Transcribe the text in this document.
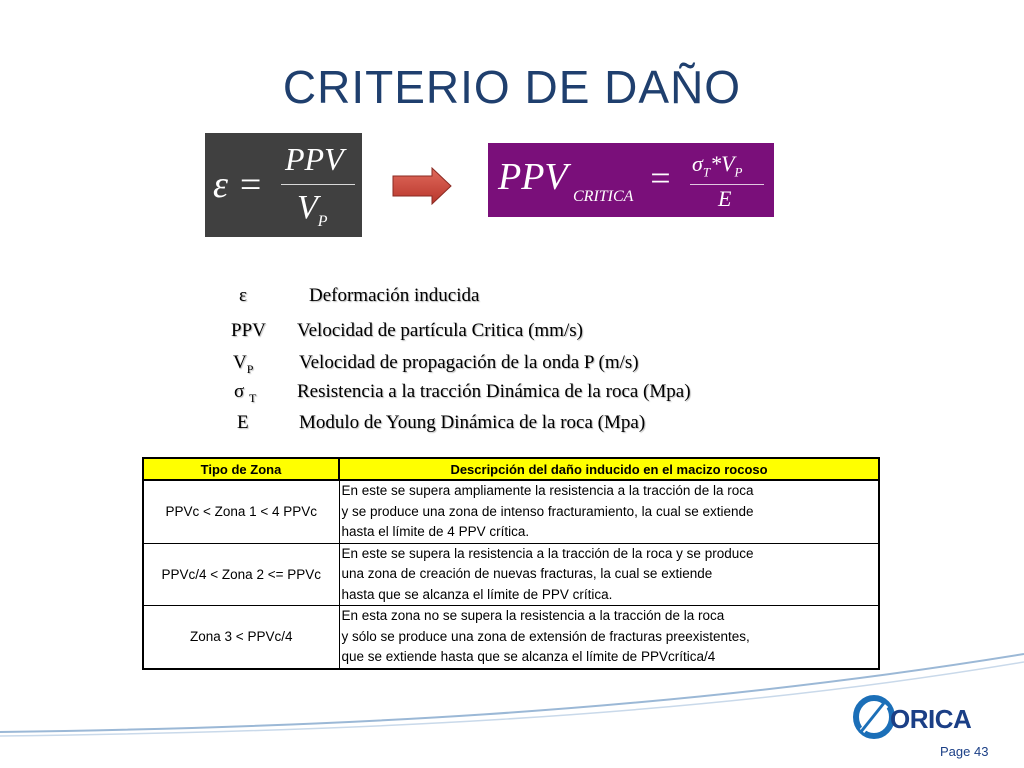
CRITERIO DE DAÑO
ε =
PPV
$V_P$
PPV CRITICA = $\sigma_T*V_P$
E
ε	Deformación inducida
PPV Velocidad de partícula Critica (mm/s)
$V_P$ Velocidad de propagación de la onda P (m/s)
σ $_T$ Resistencia a la tracción Dinámica de la roca (Mpa)
E	Modulo de Young Dinámica de la roca (Mpa)
Tipo de Zona	Descripción del daño inducido en el macizo rocoso
PPVc < Zona 1 < 4 PPVc	En este se supera ampliamente la resistencia a la tracción de la roca
y se produce una zona de intenso fracturamiento, la cual se extiende
hasta el límite de 4 PPV crítica.

PPVc/4 < Zona 2 <= PPVc	En este se supera la resistencia a la tracción de la roca y se produce
una zona de creación de nuevas fracturas, la cual se extiende
hasta que se alcanza el límite de PPV crítica.

Zona 3 < PPVc/4	En esta zona no se supera la resistencia a la tracción de la roca
y sólo se produce una zona de extensión de fracturas preexistentes,
que se extiende hasta que se alcanza el límite de PPVcrítica/4
ORICA
Page 43
